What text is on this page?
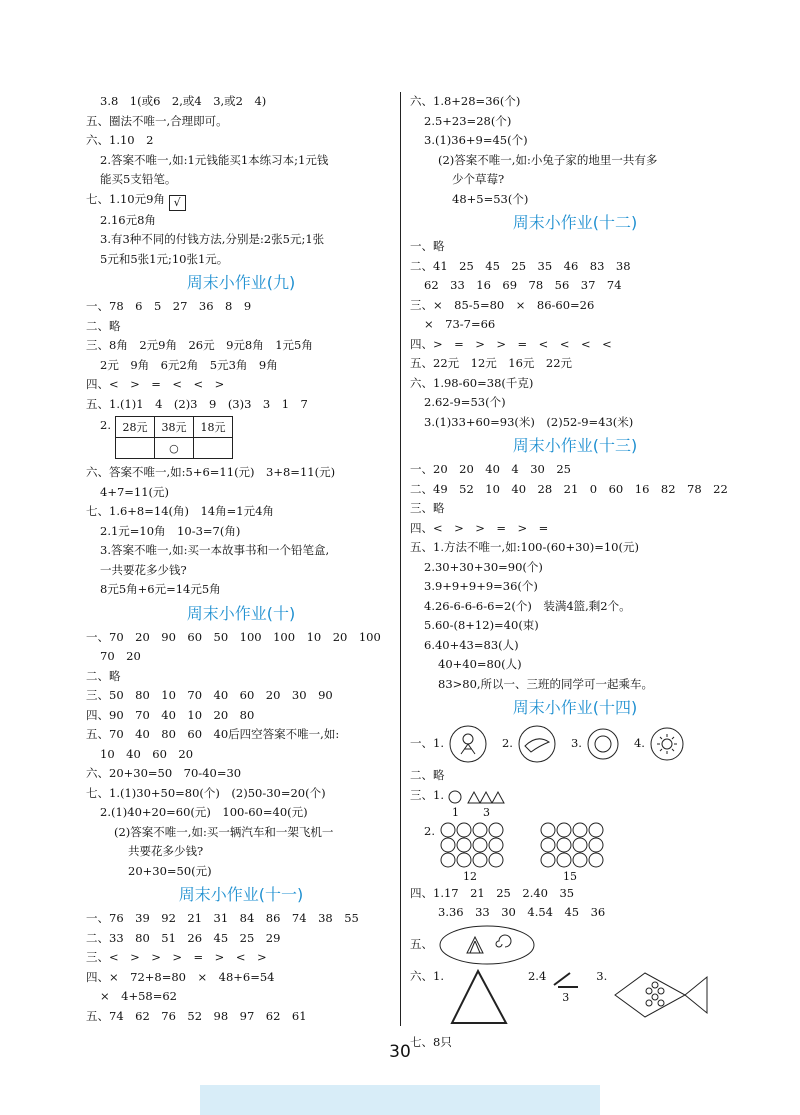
3.8　1(或6　2,或4　3,或2　4)
五、圈法不唯一,合理即可。
六、1.10　2
2.答案不唯一,如:1元钱能买1本练习本;1元钱
能买5支铅笔。
七、1.10元9角 √
2.16元8角
3.有3种不同的付钱方法,分别是:2张5元;1张
5元和5张1元;10张1元。
周末小作业(九)
一、78　6　5　27　36　8　9
二、略
三、8角　2元9角　26元　9元8角　1元5角
2元　9角　6元2角　5元3角　9角
四、<　>　=　<　<　>
五、1.(1)1　4　(2)3　9　(3)3　3　1　7
2. 28元	38元	18元
	○	
六、答案不唯一,如:5+6=11(元)　3+8=11(元)
4+7=11(元)
七、1.6+8=14(角)　14角=1元4角
2.1元=10角　10-3=7(角)
3.答案不唯一,如:买一本故事书和一个铅笔盒,
一共要花多少钱?
8元5角+6元=14元5角
周末小作业(十)
一、70　20　90　60　50　100　100　10　20　100
70　20
二、略
三、50　80　10　70　40　60　20　30　90
四、90　70　40　10　20　80
五、70　40　80　60　40后四空答案不唯一,如:
10　40　60　20
六、20+30=50　70-40=30
七、1.(1)30+50=80(个)　(2)50-30=20(个)
2.(1)40+20=60(元)　100-60=40(元)
(2)答案不唯一,如:买一辆汽车和一架飞机一
共要花多少钱?
20+30=50(元)
周末小作业(十一)
一、76　39　92　21　31　84　86　74　38　55
二、33　80　51　26　45　25　29
三、<　>　>　>　=　>　<　>
四、×　72+8=80　×　48+6=54
×　4+58=62
五、74　62　76　52　98　97　62　61
六、1.8+28=36(个)
2.5+23=28(个)
3.(1)36+9=45(个)
(2)答案不唯一,如:小兔子家的地里一共有多
少个草莓?
48+5=53(个)
周末小作业(十二)
一、略
二、41　25　45　25　35　46　83　38
62　33　16　69　78　56　37　74
三、×　85-5=80　×　86-60=26
×　73-7=66
四、>　=　>　>　=　<　<　<　<
五、22元　12元　16元　22元
六、1.98-60=38(千克)
2.62-9=53(个)
3.(1)33+60=93(米)　(2)52-9=43(米)
周末小作业(十三)
一、20　20　40　4　30　25
二、49　52　10　40　28　21　0　60　16　82　78　22
三、略
四、<　>　>　=　>　=
五、1.方法不唯一,如:100-(60+30)=10(元)
2.30+30+30=90(个)
3.9+9+9+9=36(个)
4.26-6-6-6-6=2(个)　装满4篮,剩2个。
5.60-(8+12)=40(束)
6.40+43=83(人)
40+40=80(人)
83>80,所以一、三班的同学可一起乘车。
周末小作业(十四)
一、1.	2.	3.	4.
二、略
三、1.
1 3
2.
12	15
四、1.17　21　25　2.40　35
3.36　33　30　4.54　45　36
五、
六、1.	2.4
3
3.
七、8只
30
